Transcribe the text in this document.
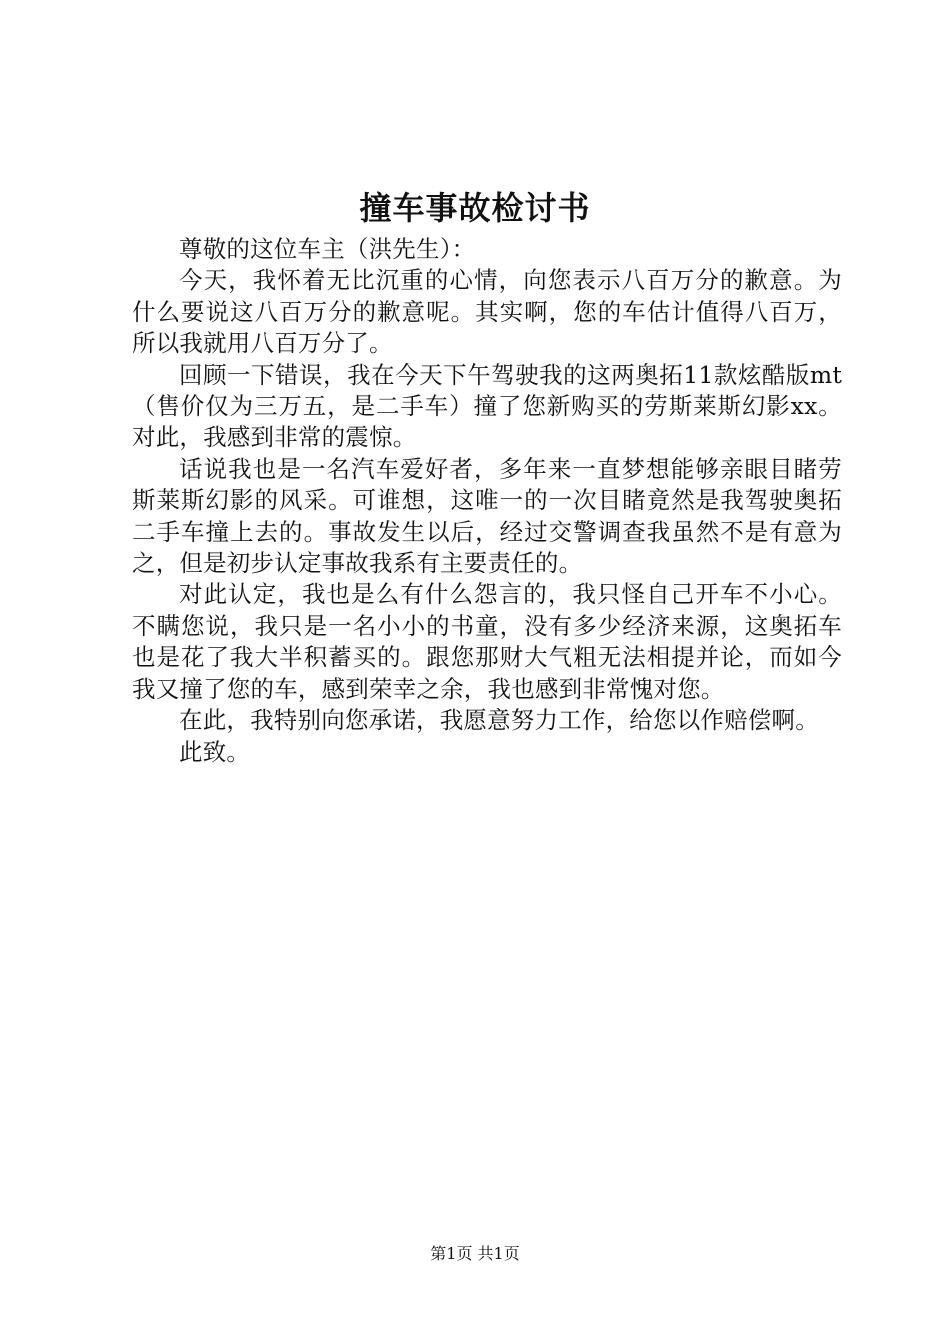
撞车事故检讨书

尊敬的这位车主（洪先生）：

今天，我怀着无比沉重的心情，向您表示八百万分的歉意。为什么要说这八百万分的歉意呢。其实啊，您的车估计值得八百万，所以我就用八百万分了。

回顾一下错误，我在今天下午驾驶我的这两奥拓11款炫酷版mt（售价仅为三万五，是二手车）撞了您新购买的劳斯莱斯幻影xx。对此，我感到非常的震惊。

话说我也是一名汽车爱好者，多年来一直梦想能够亲眼目睹劳斯莱斯幻影的风采。可谁想，这唯一的一次目睹竟然是我驾驶奥拓二手车撞上去的。事故发生以后，经过交警调查我虽然不是有意为之，但是初步认定事故我系有主要责任的。

对此认定，我也是么有什么怨言的，我只怪自己开车不小心。不瞒您说，我只是一名小小的书童，没有多少经济来源，这奥拓车也是花了我大半积蓄买的。跟您那财大气粗无法相提并论，而如今我又撞了您的车，感到荣幸之余，我也感到非常愧对您。

在此，我特别向您承诺，我愿意努力工作，给您以作赔偿啊。

此致。

第1页 共1页
